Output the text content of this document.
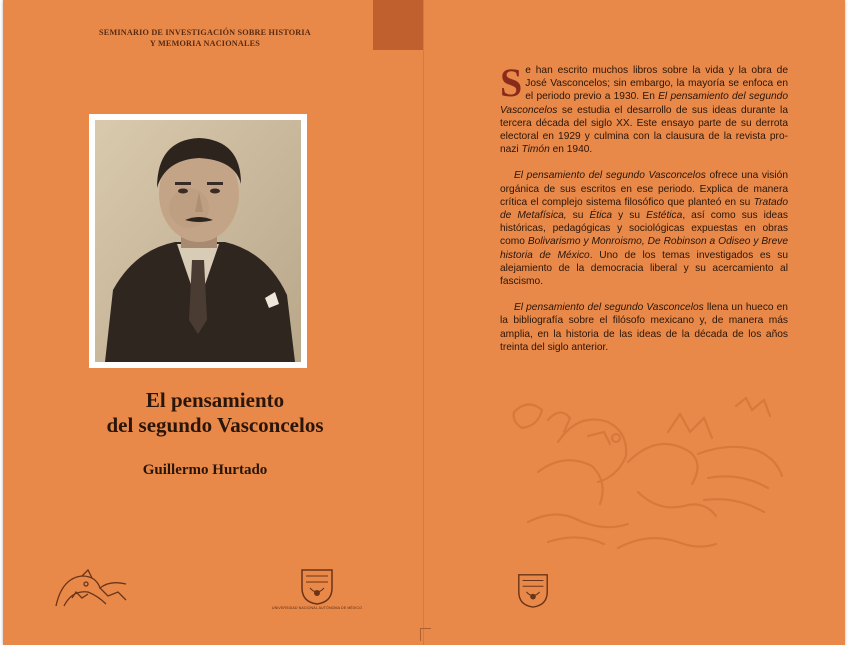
SEMINARIO DE INVESTIGACIÓN SOBRE HISTORIA
Y MEMORIA NACIONALES
El pensamiento
del segundo Vasconcelos
Guillermo Hurtado
UNIVERSIDAD NACIONAL AUTÓNOMA DE MÉXICO

Se han escrito muchos libros sobre la vida y la obra de José Vasconcelos; sin embargo, la mayoría se enfoca en el periodo previo a 1930. En El pensamiento del segundo Vasconcelos se estudia el desarrollo de sus ideas durante la tercera década del siglo XX. Este ensayo parte de su derrota electoral en 1929 y culmina con la clausura de la revista pro-nazi Timón en 1940.

El pensamiento del segundo Vasconcelos ofrece una visión orgánica de sus escritos en ese periodo. Explica de manera crítica el complejo sistema filosófico que planteó en su Tratado de Metafísica, su Ética y su Estética, así como sus ideas históricas, pedagógicas y sociológicas expuestas en obras como Bolivarismo y Monroismo, De Robinson a Odiseo y Breve historia de México. Uno de los temas investigados es su alejamiento de la democracia liberal y su acercamiento al fascismo.

El pensamiento del segundo Vasconcelos llena un hueco en la bibliografía sobre el filósofo mexicano y, de manera más amplia, en la historia de las ideas de la década de los años treinta del siglo anterior.
